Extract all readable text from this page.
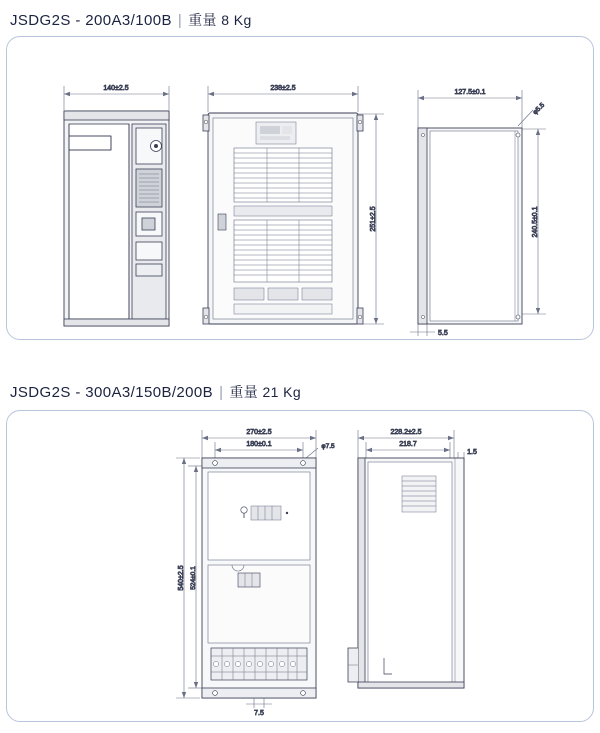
JSDG2S - 200A3/100B | 重量 8 Kg
140±2.5	238±2.5
251±2.5
127.5±0.1
φ5.5
240.5±0.1
5.5
JSDG2S - 300A3/150B/200B | 重量 21 Kg
270±2.5
180±0.1	φ7.5
540±2.5 524±0.1
7.5
228.2±2.5
218.7
1.5
